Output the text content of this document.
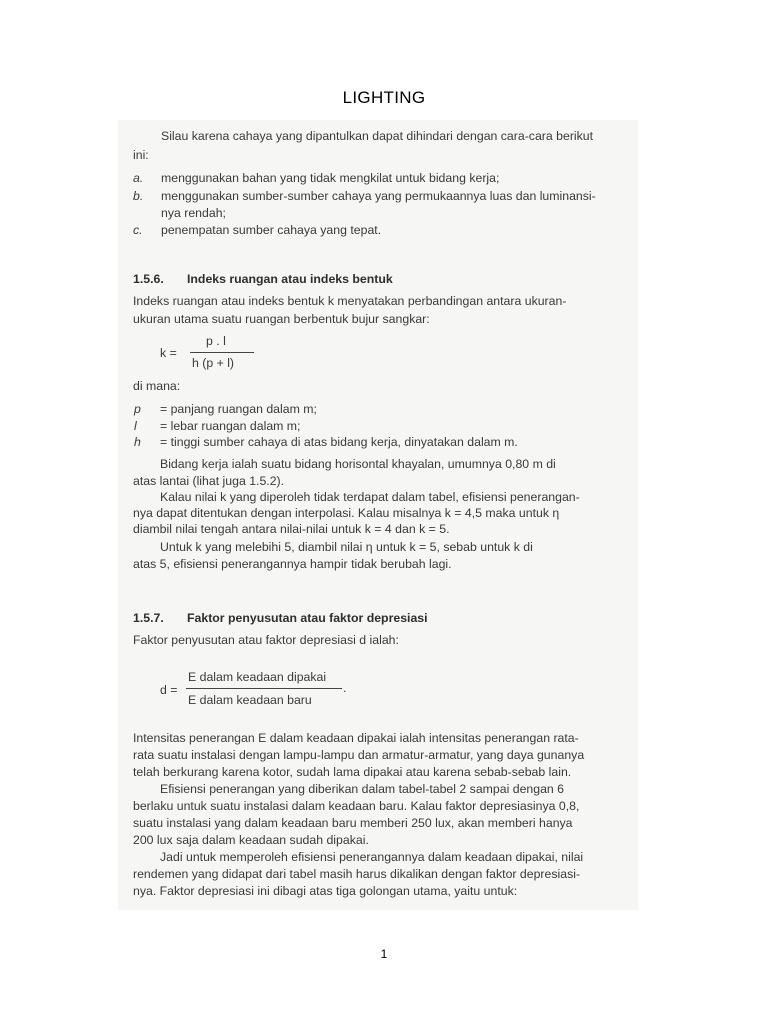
LIGHTING
Silau karena cahaya yang dipantulkan dapat dihindari dengan cara-cara berikut
ini:
a. menggunakan bahan yang tidak mengkilat untuk bidang kerja;
b. menggunakan sumber-sumber cahaya yang permukaannya luas dan luminansi-
nya rendah;
c. penempatan sumber cahaya yang tepat.
1.5.6. Indeks ruangan atau indeks bentuk
Indeks ruangan atau indeks bentuk k menyatakan perbandingan antara ukuran-
ukuran utama suatu ruangan berbentuk bujur sangkar:
k =
p . l
h (p + l)
di mana:
p = panjang ruangan dalam m;
l = lebar ruangan dalam m;
h = tinggi sumber cahaya di atas bidang kerja, dinyatakan dalam m.
Bidang kerja ialah suatu bidang horisontal khayalan, umumnya 0,80 m di
atas lantai (lihat juga 1.5.2).
Kalau nilai k yang diperoleh tidak terdapat dalam tabel, efisiensi penerangan-
nya dapat ditentukan dengan interpolasi. Kalau misalnya k = 4,5 maka untuk η
diambil nilai tengah antara nilai-nilai untuk k = 4 dan k = 5.
Untuk k yang melebihi 5, diambil nilai η untuk k = 5, sebab untuk k di
atas 5, efisiensi penerangannya hampir tidak berubah lagi.
1.5.7. Faktor penyusutan atau faktor depresiasi
Faktor penyusutan atau faktor depresiasi d ialah:
d =
E dalam keadaan dipakai
E dalam keadaan baru
.
Intensitas penerangan E dalam keadaan dipakai ialah intensitas penerangan rata-
rata suatu instalasi dengan lampu-lampu dan armatur-armatur, yang daya gunanya
telah berkurang karena kotor, sudah lama dipakai atau karena sebab-sebab lain.
Efisiensi penerangan yang diberikan dalam tabel-tabel 2 sampai dengan 6
berlaku untuk suatu instalasi dalam keadaan baru. Kalau faktor depresiasinya 0,8,
suatu instalasi yang dalam keadaan baru memberi 250 lux, akan memberi hanya
200 lux saja dalam keadaan sudah dipakai.
Jadi untuk memperoleh efisiensi penerangannya dalam keadaan dipakai, nilai
rendemen yang didapat dari tabel masih harus dikalikan dengan faktor depresiasi-
nya. Faktor depresiasi ini dibagi atas tiga golongan utama, yaitu untuk:
1
